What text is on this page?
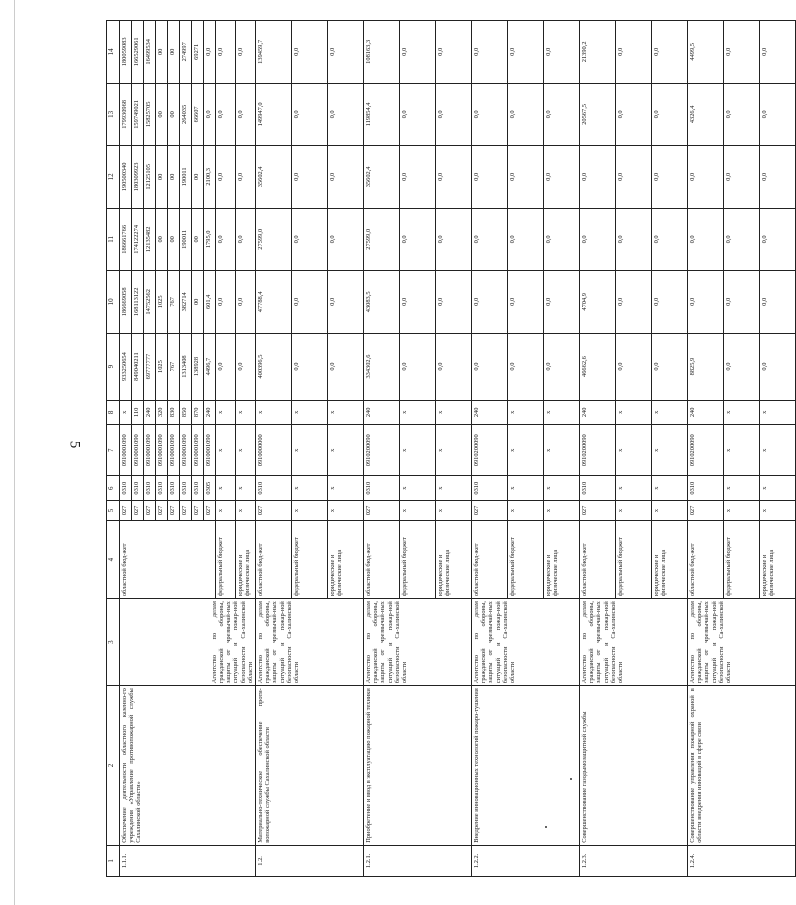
5
1	2	3	4	5	6	7	8	9	10	11	12	13	14
1.1.1.	Обеспечение деятельности областного казенно-го учреждения «Управление противопожарной службы Сахалинской области»	Агентство по делам гражданской обороны, защиты от чрезвычай-ных ситуаций и пожар-ной безопасности Са-халинской области	областной бюд-жет	027	0310	0910001090	х	933250654	186669058	186661766	190500340	179930968	180059083
				027	0310	0910001090	110	849040211	168113122	174122274	180309923	159749021	166529061
				027	0310	0910001090	240	69777777	14752562	12135482	12125105	15825705	16499534
				027	0310	0910001090	320	1025	1025	00	00	00	00
				027	0310	0910001090	830	767	767	00	00	00	00
				027	0310	0910001090	850	1313408	382714	190011	190011	264035	274997
				027	0310	0910001090	870	138928	00	00	00	66607	69271
				027	0305	0910001090	240	4496,7	601,4	1795,0	2100,3	0,0	0,0
			федеральный бюджет	х	х	х	х	0,0	0,0	0,0	0,0	0,0	0,0
			юридические и физические лица	х	х	х	х	0,0	0,0	0,0	0,0	0,0	0,0
1.2.	Материально-техническое обеспечение проти-вопожарной службы Сахалинской области	Агентство по делам гражданской обороны, защиты от чрезвычай-ных ситуаций и пожар-ной безопасности Са-халинской области	областной бюд-жет	027	0310	0910000000	х	400396,5	47788,4	27599,0	35602,4	149947,0	139459,7
			федеральный бюджет	х	х	х	х	0,0	0,0	0,0	0,0	0,0	0,0
			юридические и физические лица	х	х	х	х	0,0	0,0	0,0	0,0	0,0	0,0
1.2.1.	Приобретение и ввод в эксплуатацию пожарной техники	Агентство по делам гражданской обороны, защиты от чрезвычай-ных ситуаций и пожар-ной безопасности Са-халинской области	областной бюд-жет	027	0310	0910200090	240	334302,6	43083,5	27599,0	35602,4	119854,4	108163,3
			федеральный бюджет	х	х	х	х	0,0	0,0	0,0	0,0	0,0	0,0
			юридические и физические лица	х	х	х	х	0,0	0,0	0,0	0,0	0,0	0,0
1.2.2.	Внедрение инновационных технологий пожаро-тушения	Агентство по делам гражданской обороны, защиты от чрезвычай-ных ситуаций и пожар-ной безопасности Са-халинской области	областной бюд-жет	027	0310	0910200090	240	0,0	0,0	0,0	0,0	0,0	0,0
			федеральный бюджет	х	х	х	х	0,0	0,0	0,0	0,0	0,0	0,0
			юридические и физические лица	х	х	х	х	0,0	0,0	0,0	0,0	0,0	0,0
1.2.3.	Совершенствование газодымозащитной службы	Агентство по делам гражданской обороны, защиты от чрезвычай-ных ситуаций и пожар-ной безопасности Са-халинской области	областной бюд-жет	027	0310	0910200090	240	46662,6	4704,9	0,0	0,0	20567,5	21390,2
			федеральный бюджет	х	х	х	х	0,0	0,0	0,0	0,0	0,0	0,0
			юридические и физические лица	х	х	х	х	0,0	0,0	0,0	0,0	0,0	0,0
1.2.4.	Совершенствование управления пожарной охраной в области внедрения инноваций в сфере связи	Агентство по делам гражданской обороны, защиты от чрезвычай-ных ситуаций и пожар-ной безопасности Са-халинской области	областной бюд-жет	027	0310	0910200090	240	8825,9	0,0	0,0	0,0	4326,4	4499,5
			федеральный бюджет	х	х	х	х	0,0	0,0	0,0	0,0	0,0	0,0
			юридические и физические лица	х	х	х	х	0,0	0,0	0,0	0,0	0,0	0,0
